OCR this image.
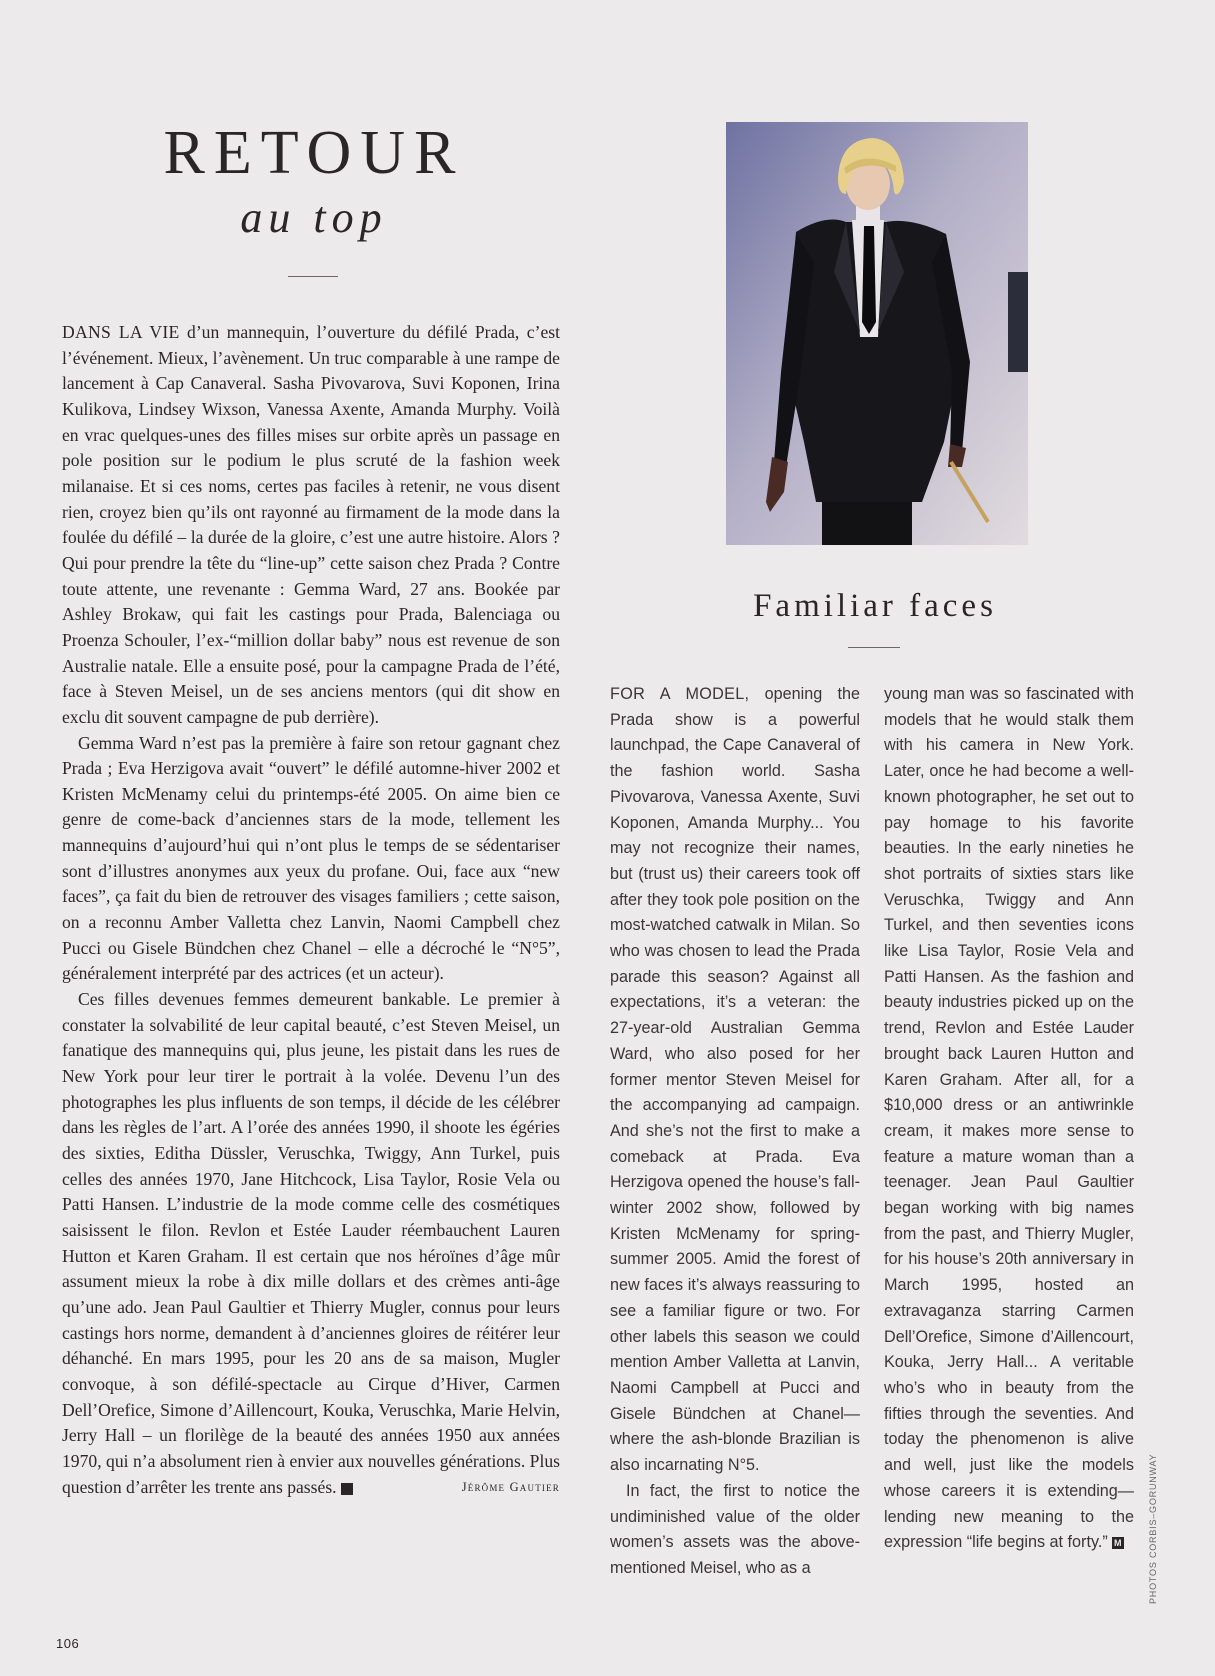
RETOUR
au top

DANS LA VIE d’un mannequin, l’ouverture du défilé Prada, c’est l’événement. Mieux, l’avènement. Un truc comparable à une rampe de lancement à Cap Canaveral. Sasha Pivovarova, Suvi Koponen, Irina Kulikova, Lindsey Wixson, Vanessa Axente, Amanda Murphy. Voilà en vrac quelques-unes des filles mises sur orbite après un passage en pole position sur le podium le plus scruté de la fashion week milanaise. Et si ces noms, certes pas faciles à retenir, ne vous disent rien, croyez bien qu’ils ont rayonné au firmament de la mode dans la foulée du défilé – la durée de la gloire, c’est une autre histoire. Alors ? Qui pour prendre la tête du “line-up” cette saison chez Prada ? Contre toute attente, une revenante : Gemma Ward, 27 ans. Bookée par Ashley Brokaw, qui fait les castings pour Prada, Balenciaga ou Proenza Schouler, l’ex-“million dollar baby” nous est revenue de son Australie natale. Elle a ensuite posé, pour la campagne Prada de l’été, face à Steven Meisel, un de ses anciens mentors (qui dit show en exclu dit souvent campagne de pub derrière).

Gemma Ward n’est pas la première à faire son retour gagnant chez Prada ; Eva Herzigova avait “ouvert” le défilé automne-hiver 2002 et Kristen McMenamy celui du printemps-été 2005. On aime bien ce genre de come-back d’anciennes stars de la mode, tellement les mannequins d’aujourd’hui qui n’ont plus le temps de se sédentariser sont d’illustres anonymes aux yeux du profane. Oui, face aux “new faces”, ça fait du bien de retrouver des visages familiers ; cette saison, on a reconnu Amber Valletta chez Lanvin, Naomi Campbell chez Pucci ou Gisele Bündchen chez Chanel – elle a décroché le “N°5”, généralement interprété par des actrices (et un acteur).

Ces filles devenues femmes demeurent bankable. Le premier à constater la solvabilité de leur capital beauté, c’est Steven Meisel, un fanatique des mannequins qui, plus jeune, les pistait dans les rues de New York pour leur tirer le portrait à la volée. Devenu l’un des photographes les plus influents de son temps, il décide de les célébrer dans les règles de l’art. A l’orée des années 1990, il shoote les égéries des sixties, Editha Düssler, Veruschka, Twiggy, Ann Turkel, puis celles des années 1970, Jane Hitchcock, Lisa Taylor, Rosie Vela ou Patti Hansen. L’industrie de la mode comme celle des cosmétiques saisissent le filon. Revlon et Estée Lauder réembauchent Lauren Hutton et Karen Graham. Il est certain que nos héroïnes d’âge mûr assument mieux la robe à dix mille dollars et des crèmes anti-âge qu’une ado. Jean Paul Gaultier et Thierry Mugler, connus pour leurs castings hors norme, demandent à d’anciennes gloires de réitérer leur déhanché. En mars 1995, pour les 20 ans de sa maison, Mugler convoque, à son défilé-spectacle au Cirque d’Hiver, Carmen Dell’Orefice, Simone d’Aillencourt, Kouka, Veruschka, Marie Helvin, Jerry Hall – un florilège de la beauté des années 1950 aux années 1970, qui n’a absolument rien à envier aux nouvelles générations. Plus question d’arrêter les trente ans passés. M	Jérôme Gautier

Familiar faces

FOR A MODEL, opening the Prada show is a powerful launchpad, the Cape Canaveral of the fashion world. Sasha Pivovarova, Vanessa Axente, Suvi Koponen, Amanda Murphy... You may not recognize their names, but (trust us) their careers took off after they took pole position on the most-watched catwalk in Milan. So who was chosen to lead the Prada parade this season? Against all expectations, it’s a veteran: the 27-year-old Australian Gemma Ward, who also posed for her former mentor Steven Meisel for the accompanying ad campaign. And she’s not the first to make a comeback at Prada. Eva Herzigova opened the house’s fall-winter 2002 show, followed by Kristen McMenamy for spring-summer 2005. Amid the forest of new faces it’s always reassuring to see a familiar figure or two. For other labels this season we could mention Amber Valletta at Lanvin, Naomi Campbell at Pucci and Gisele Bündchen at Chanel—where the ash-blonde Brazilian is also incarnating N°5.

In fact, the first to notice the undiminished value of the older women’s assets was the above-mentioned Meisel, who as a

young man was so fascinated with models that he would stalk them with his camera in New York. Later, once he had become a well-known photographer, he set out to pay homage to his favorite beauties. In the early nineties he shot portraits of sixties stars like Veruschka, Twiggy and Ann Turkel, and then seventies icons like Lisa Taylor, Rosie Vela and Patti Hansen. As the fashion and beauty industries picked up on the trend, Revlon and Estée Lauder brought back Lauren Hutton and Karen Graham. After all, for a $10,000 dress or an antiwrinkle cream, it makes more sense to feature a mature woman than a teenager. Jean Paul Gaultier began working with big names from the past, and Thierry Mugler, for his house’s 20th anniversary in March 1995, hosted an extravaganza starring Carmen Dell’Orefice, Simone d’Aillencourt, Kouka, Jerry Hall... A veritable who’s who in beauty from the fifties through the seventies. And today the phenomenon is alive and well, just like the models whose careers it is extending—lending new meaning to the expression “life begins at forty.” M	PHOTOS CORBIS–GORUNWAY
106
